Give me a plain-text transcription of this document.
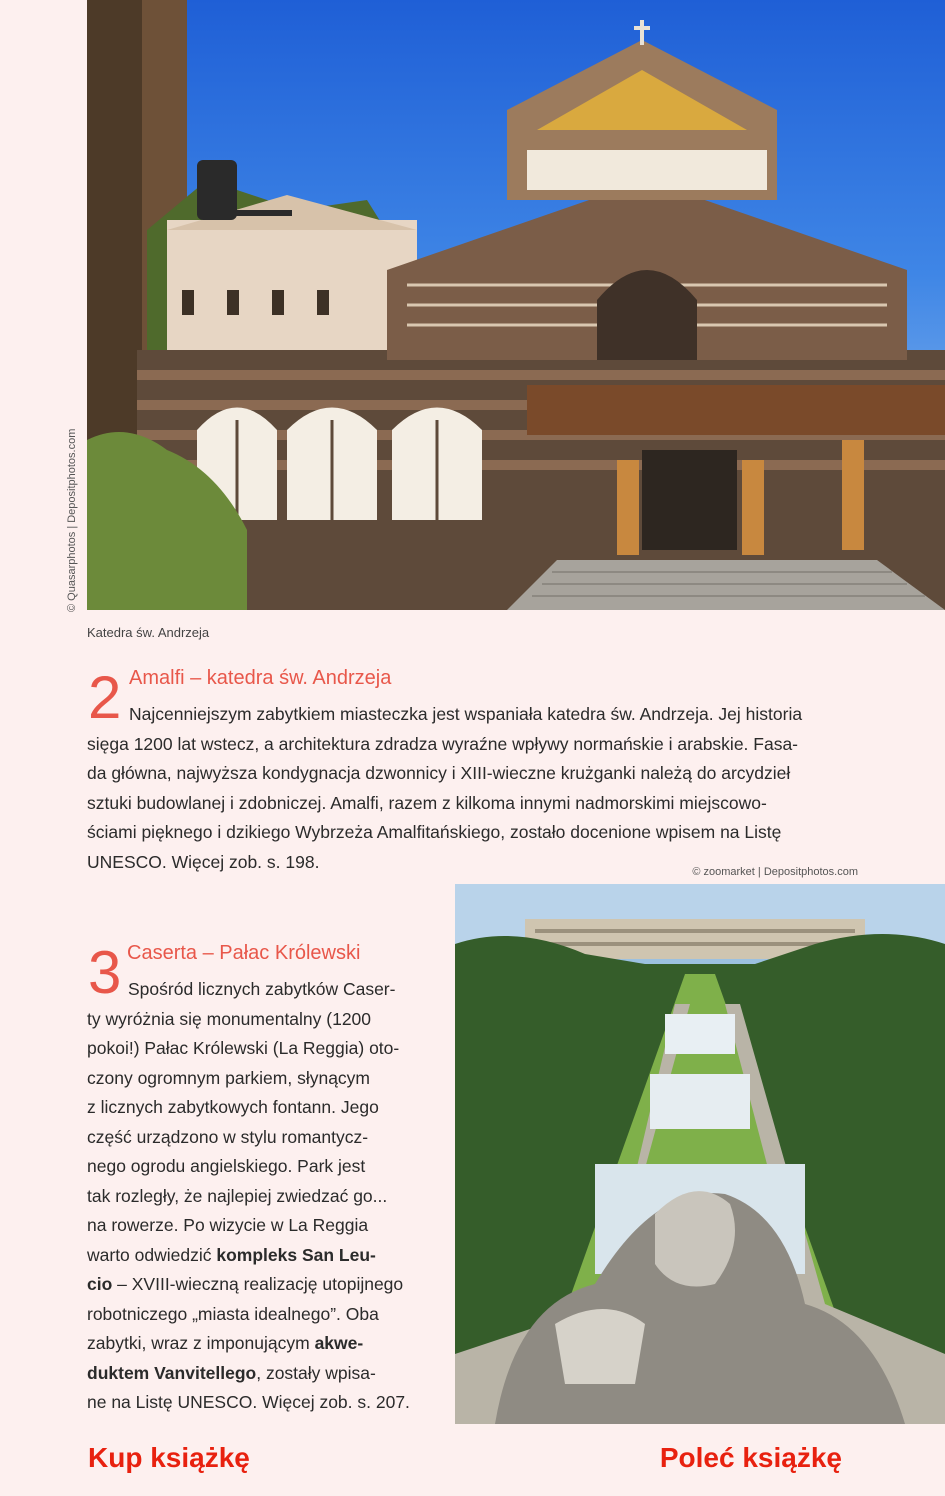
© Quasarphotos | Depositphotos.com
Katedra św. Andrzeja
2 Amalfi – katedra św. Andrzeja
Najcenniejszym zabytkiem miasteczka jest wspaniała katedra św. Andrzeja. Jej historia
sięga 1200 lat wstecz, a architektura zdradza wyraźne wpływy normańskie i arabskie. Fasa-
da główna, najwyższa kondygnacja dzwonnicy i XIII-wieczne krużganki należą do arcydzieł
sztuki budowlanej i zdobniczej. Amalfi, razem z kilkoma innymi nadmorskimi miejscowo-
ściami pięknego i dzikiego Wybrzeża Amalfitańskiego, zostało docenione wpisem na Listę
UNESCO. Więcej zob. s. 198.
© zoomarket | Depositphotos.com
3 Caserta – Pałac Królewski
Spośród licznych zabytków Caser-
ty wyróżnia się monumentalny (1200
pokoi!) Pałac Królewski (La Reggia) oto-
czony ogromnym parkiem, słynącym
z licznych zabytkowych fontann. Jego
część urządzono w stylu romantycz-
nego ogrodu angielskiego. Park jest
tak rozległy, że najlepiej zwiedzać go...
na rowerze. Po wizycie w La Reggia
warto odwiedzić kompleks San Leu-
cio – XVIII-wieczną realizację utopijnego
robotniczego „miasta idealnego”. Oba
zabytki, wraz z imponującym akwe-
duktem Vanvitellego, zostały wpisa-
ne na Listę UNESCO. Więcej zob. s. 207.
Kup książkę	Poleć książkę
